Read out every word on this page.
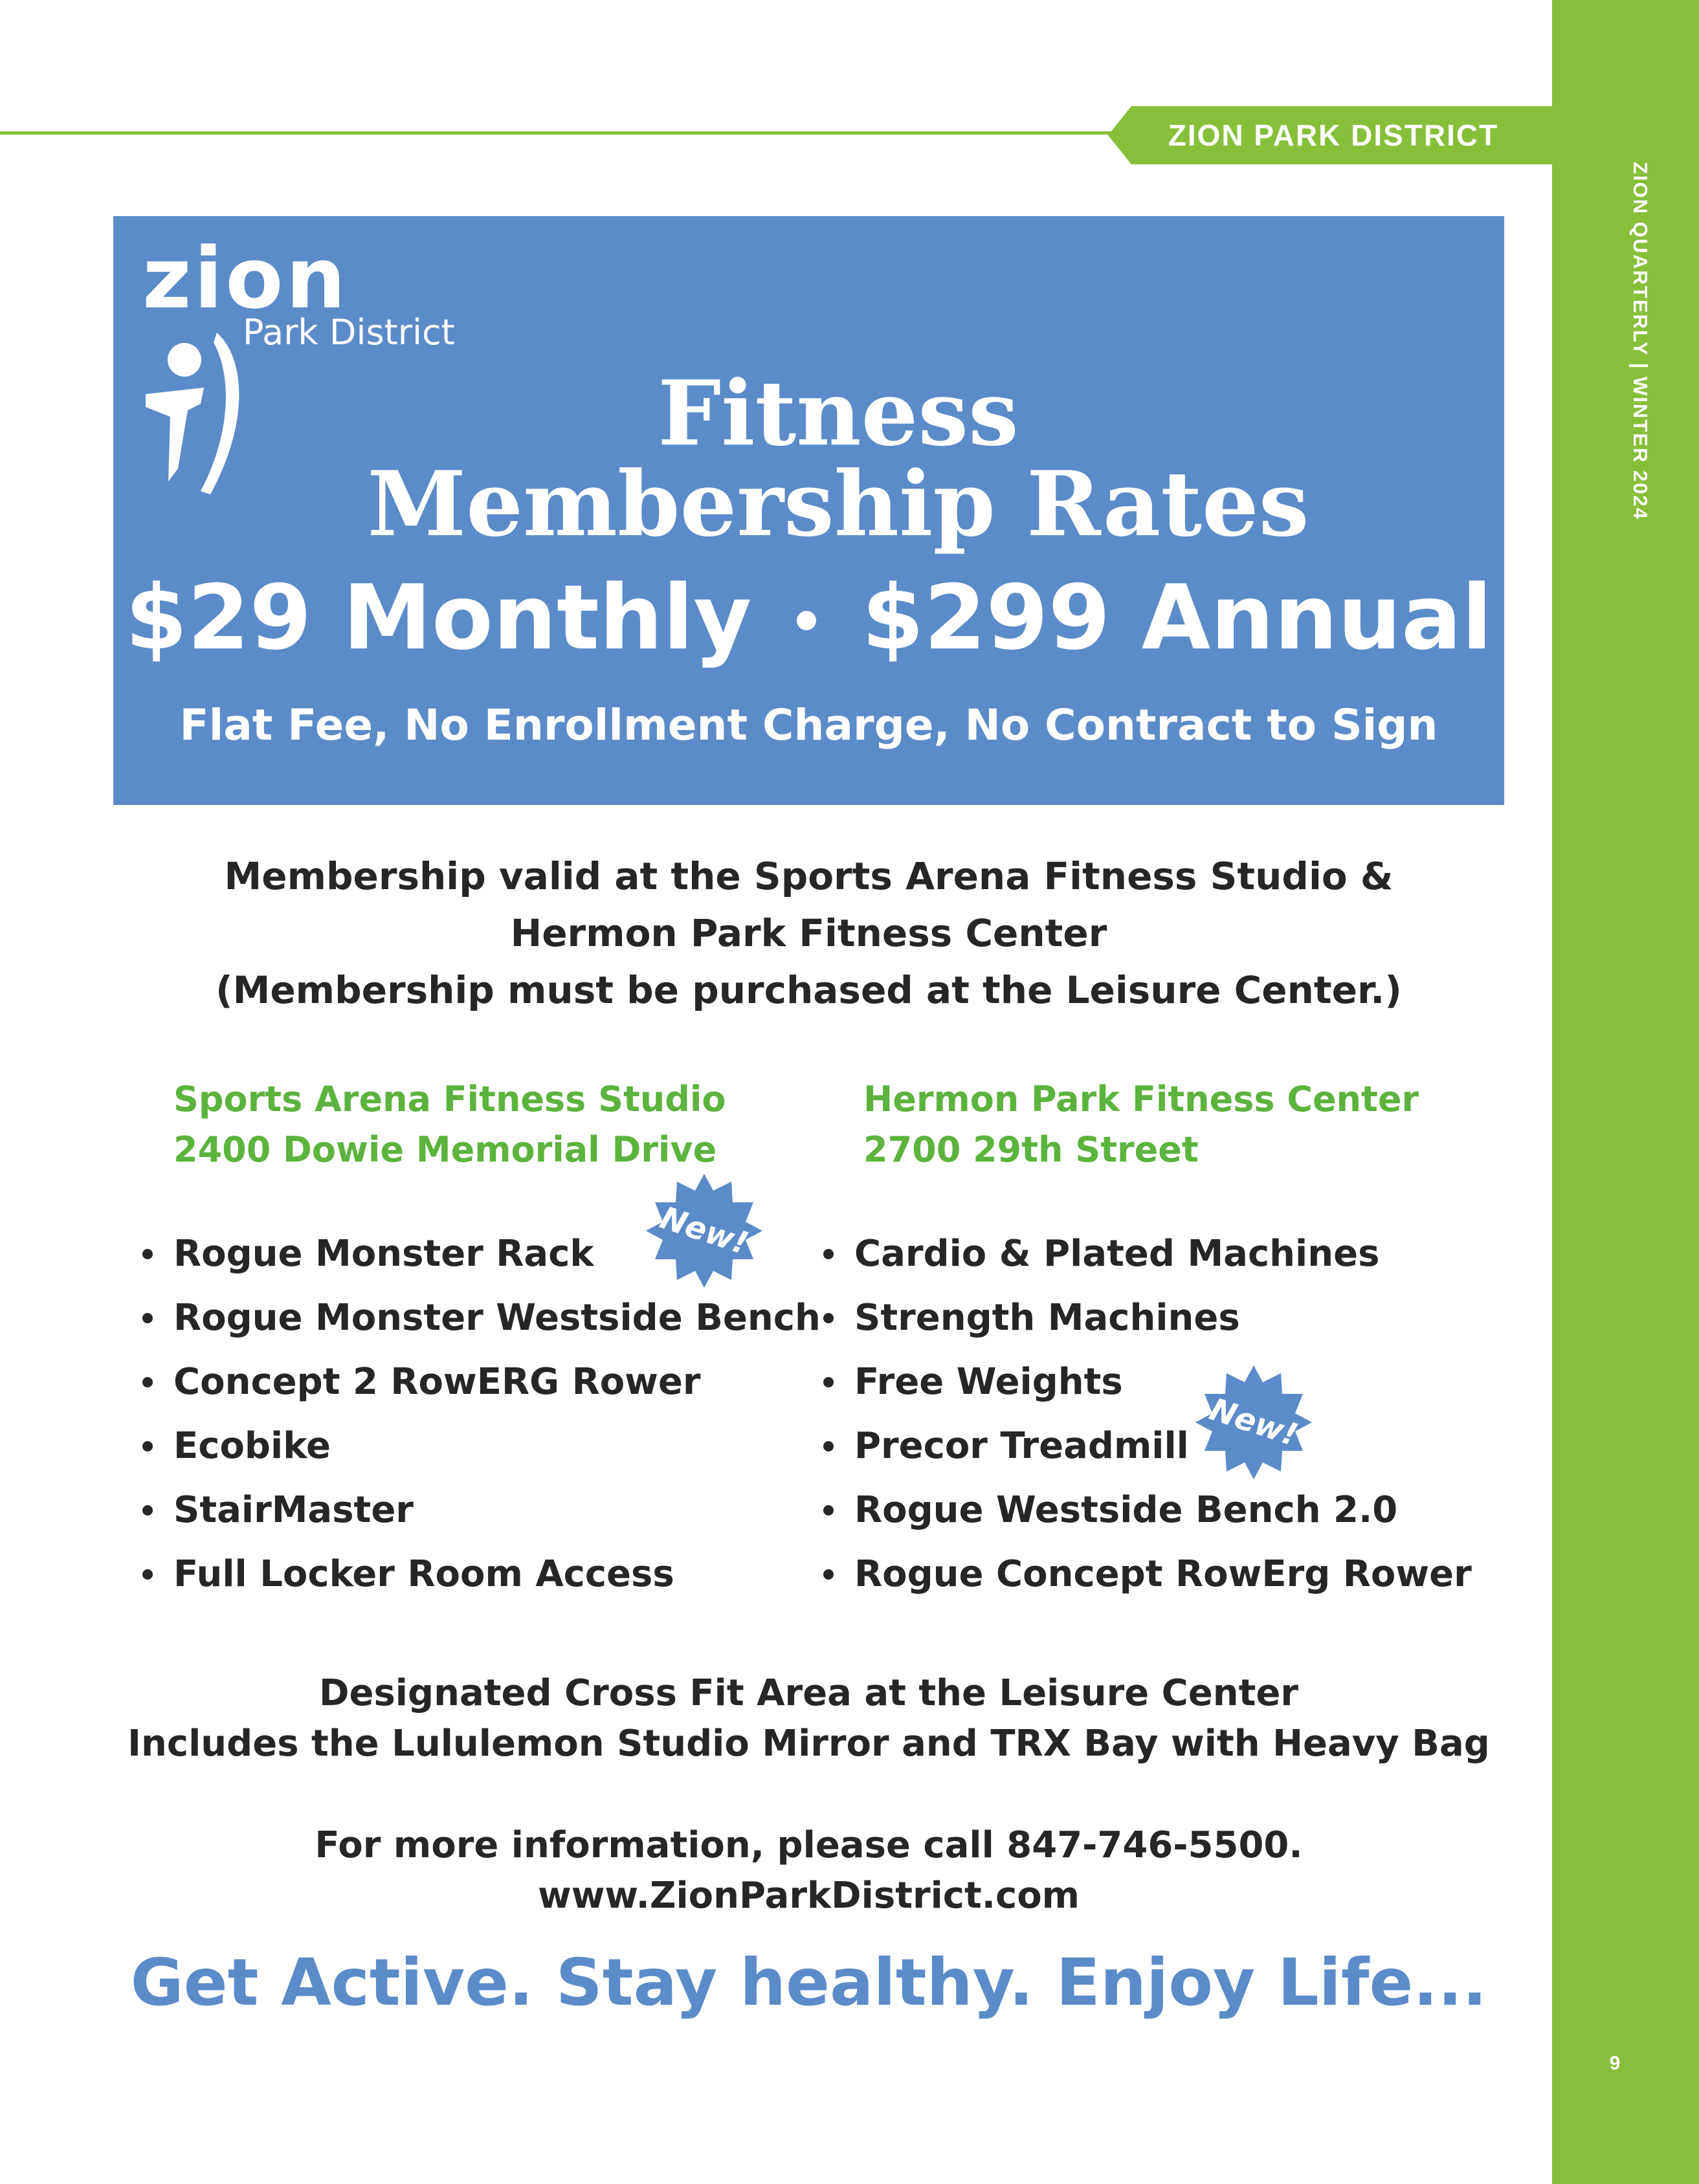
ZION QUARTERLY | WINTER 2024
9
ZION PARK DISTRICT
zion
Park District
Fitness
Membership Rates
$29 Monthly $299 Annual
Flat Fee, No Enrollment Charge, No Contract to Sign
Membership valid at the Sports Arena Fitness Studio &
Hermon Park Fitness Center
(Membership must be purchased at the Leisure Center.)
Sports Arena Fitness Studio
2400 Dowie Memorial Drive
Rogue Monster Rack
Rogue Monster Westside Bench
Concept 2 RowERG Rower
Ecobike
StairMaster
Full Locker Room Access
Hermon Park Fitness Center
2700 29th Street
Cardio & Plated Machines
Strength Machines
Free Weights
Precor Treadmill
Rogue Westside Bench 2.0
Rogue Concept RowErg Rower
New!
New!
Designated Cross Fit Area at the Leisure Center
Includes the Lululemon Studio Mirror and TRX Bay with Heavy Bag
For more information, please call 847-746-5500.
www.ZionParkDistrict.com
Get Active. Stay healthy. Enjoy Life...
